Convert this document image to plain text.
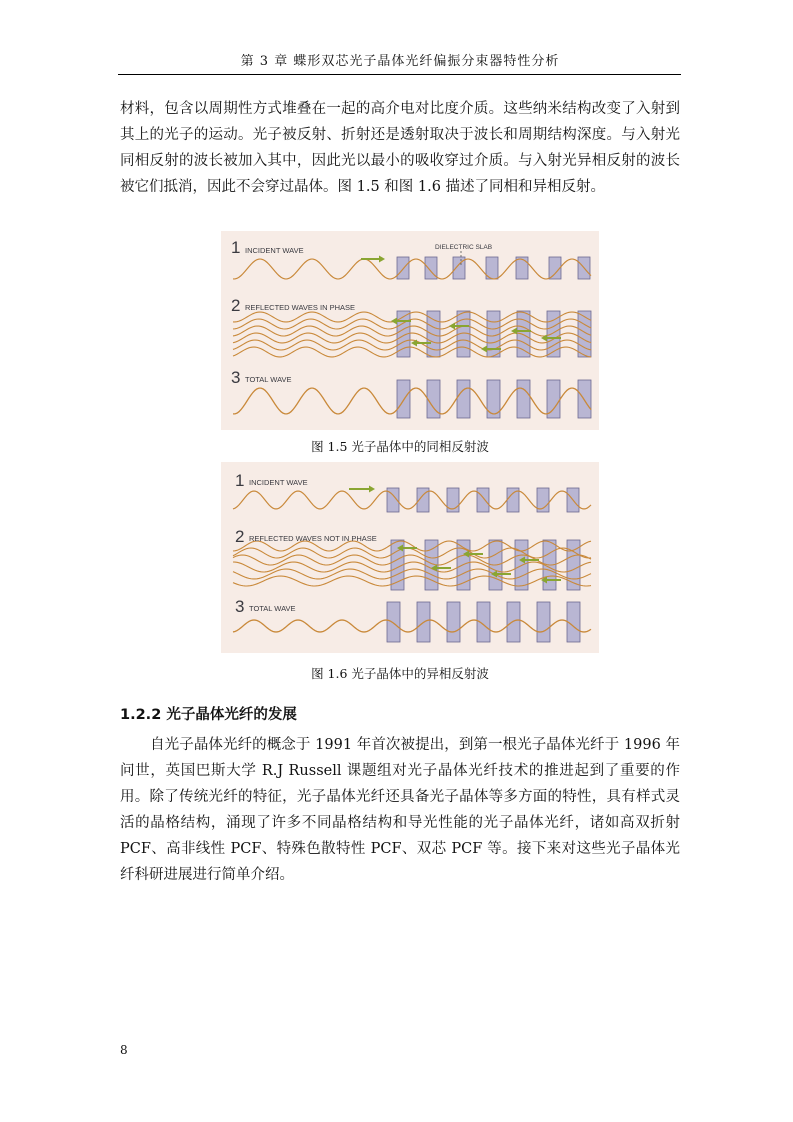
第 3 章 蝶形双芯光子晶体光纤偏振分束器特性分析

材料，包含以周期性方式堆叠在一起的高介电对比度介质。这些纳米结构改变了入射到其上的光子的运动。光子被反射、折射还是透射取决于波长和周期结构深度。与入射光同相反射的波长被加入其中，因此光以最小的吸收穿过介质。与入射光异相反射的波长被它们抵消，因此不会穿过晶体。图 1.5 和图 1.6 描述了同相和异相反射。

1 INCIDENT WAVE	DIELECTRIC SLAB
2 REFLECTED WAVES IN PHASE
3 TOTAL WAVE
图 1.5 光子晶体中的同相反射波
1 INCIDENT WAVE
2 REFLECTED WAVES NOT IN PHASE
3 TOTAL WAVE
图 1.6 光子晶体中的异相反射波
1.2.2 光子晶体光纤的发展

自光子晶体光纤的概念于 1991 年首次被提出，到第一根光子晶体光纤于 1996 年问世，英国巴斯大学 R.J Russell 课题组对光子晶体光纤技术的推进起到了重要的作用。除了传统光纤的特征，光子晶体光纤还具备光子晶体等多方面的特性，具有样式灵活的晶格结构，涌现了许多不同晶格结构和导光性能的光子晶体光纤，诸如高双折射 PCF、高非线性 PCF、特殊色散特性 PCF、双芯 PCF 等。接下来对这些光子晶体光纤科研进展进行简单介绍。

8
